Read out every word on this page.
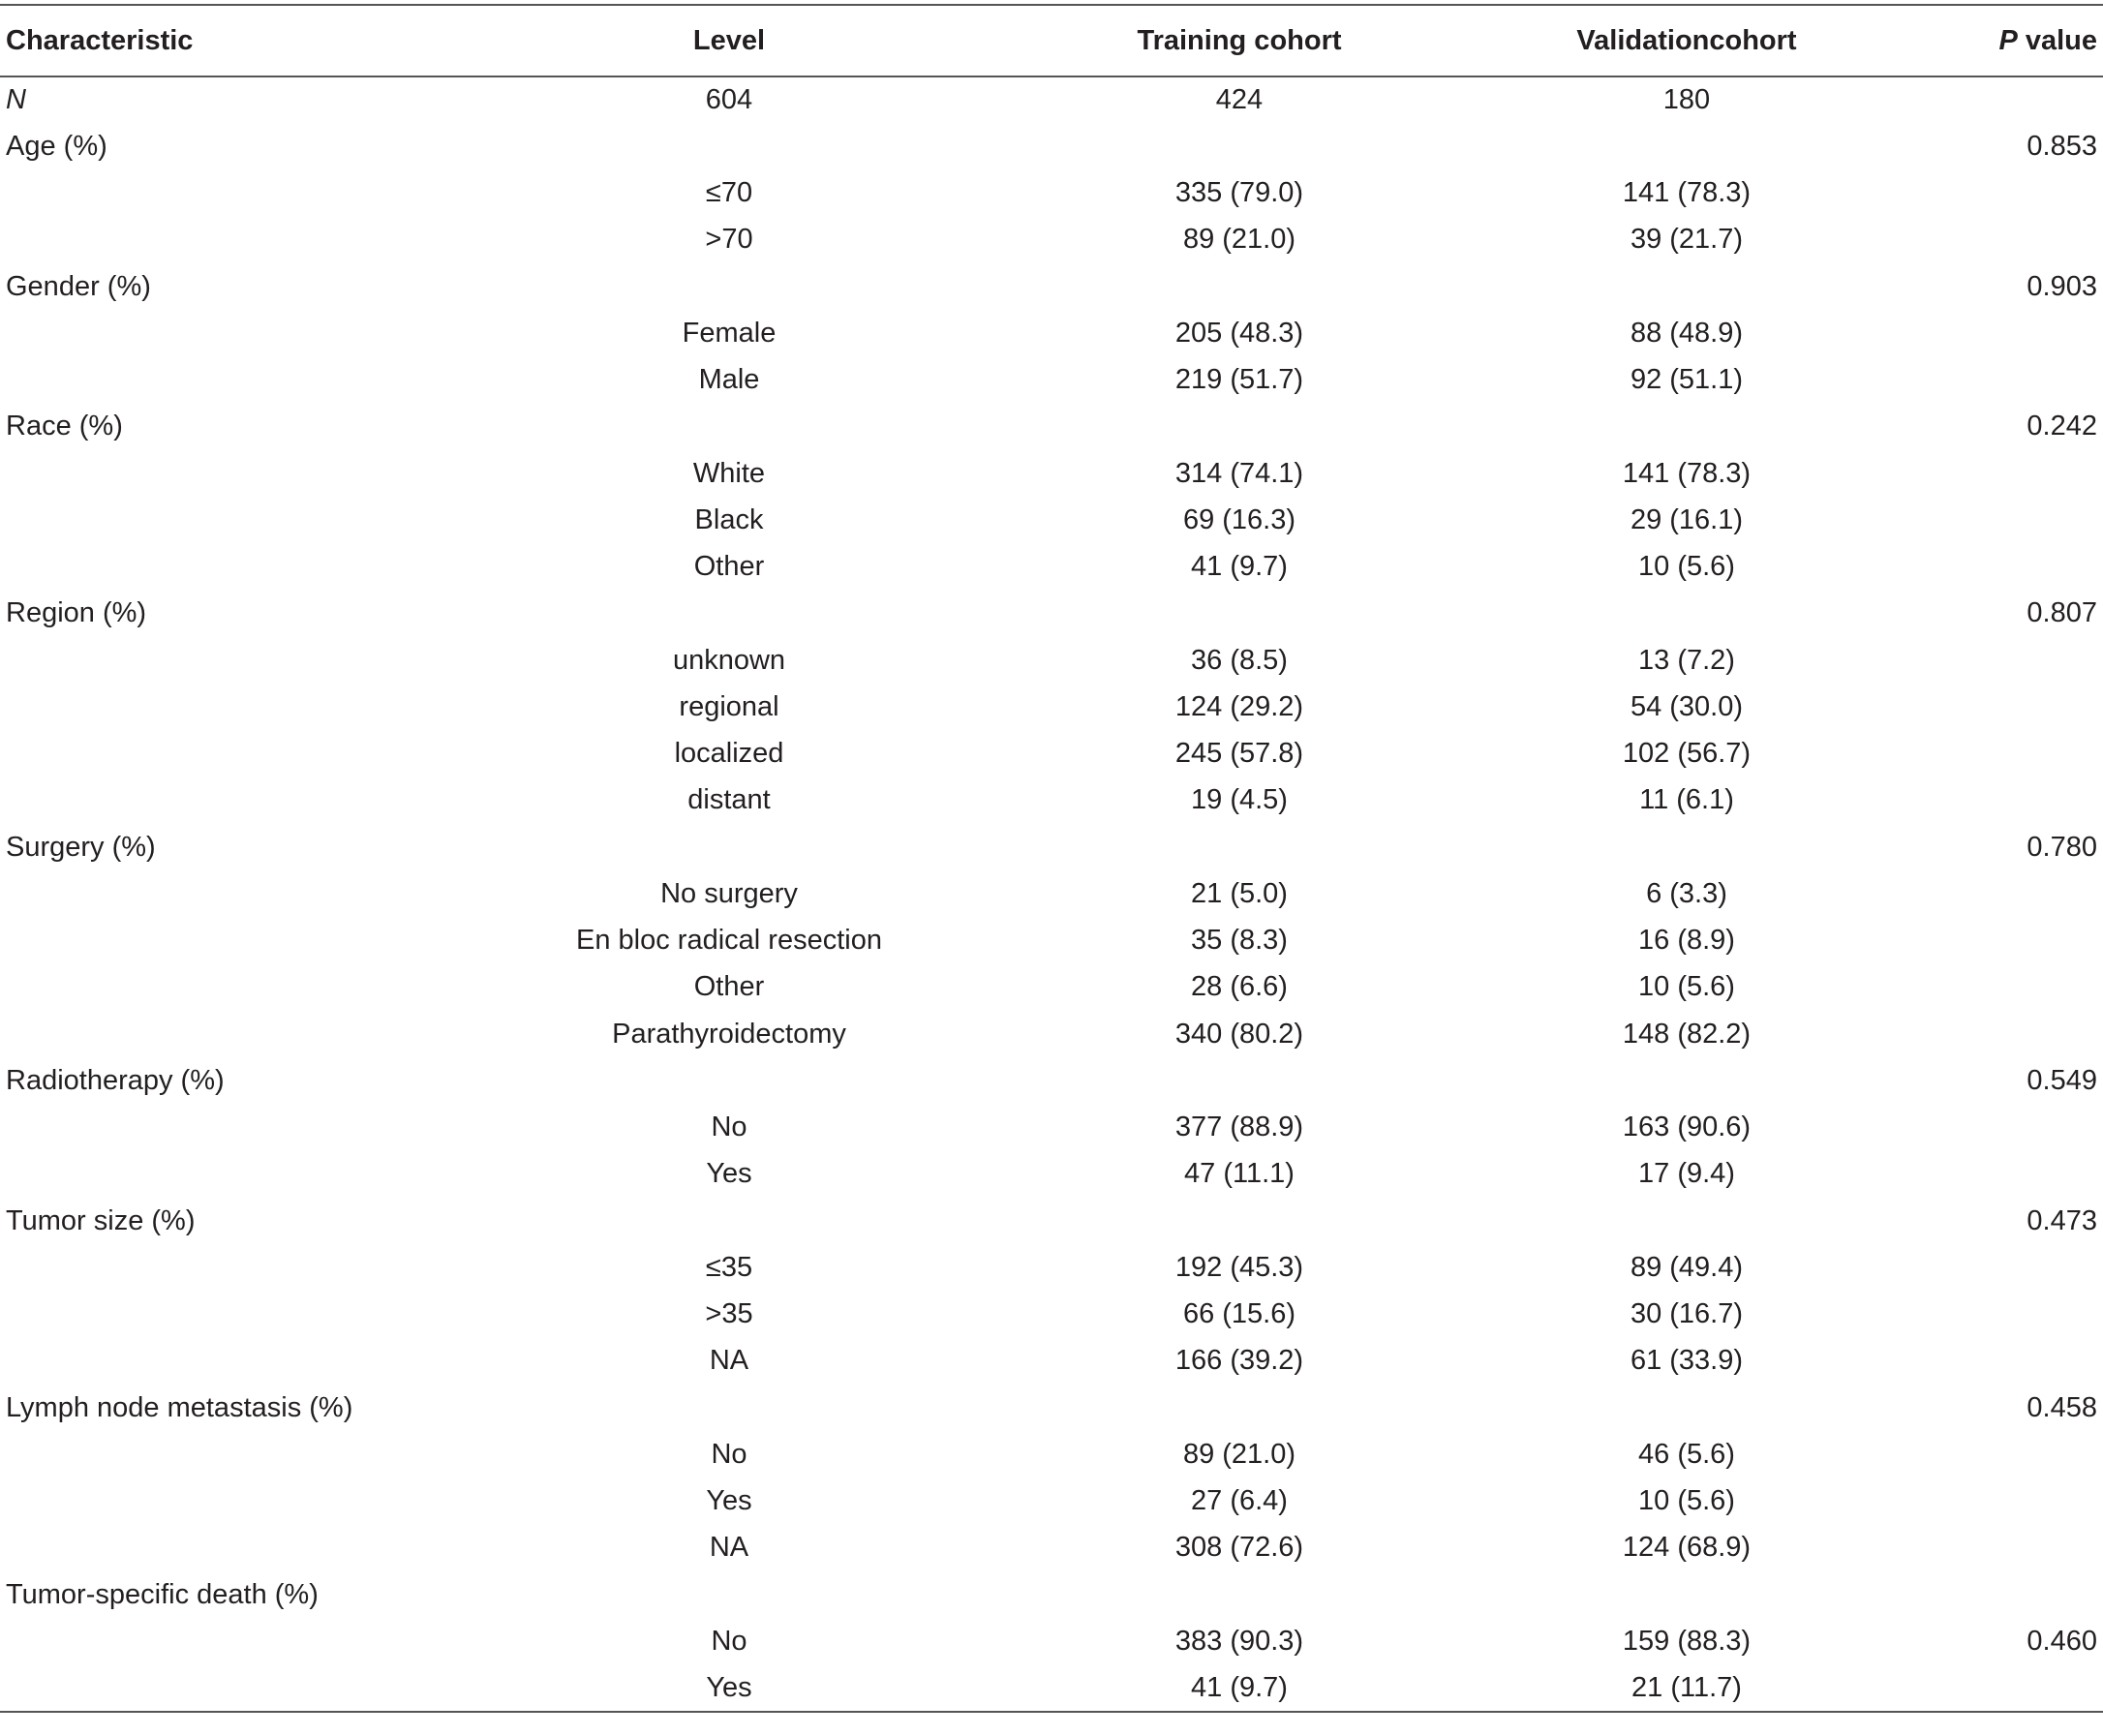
Characteristic	Level	Training cohort	Validationcohort	P value
N	604	424	180	
Age (%)				0.853
	≤70	335 (79.0)	141 (78.3)	
	>70	89 (21.0)	39 (21.7)	
Gender (%)				0.903
	Female	205 (48.3)	88 (48.9)	
	Male	219 (51.7)	92 (51.1)	
Race (%)				0.242
	White	314 (74.1)	141 (78.3)	
	Black	69 (16.3)	29 (16.1)	
	Other	41 (9.7)	10 (5.6)	
Region (%)				0.807
	unknown	36 (8.5)	13 (7.2)	
	regional	124 (29.2)	54 (30.0)	
	localized	245 (57.8)	102 (56.7)	
	distant	19 (4.5)	11 (6.1)	
Surgery (%)				0.780
	No surgery	21 (5.0)	6 (3.3)	
	En bloc radical resection	35 (8.3)	16 (8.9)	
	Other	28 (6.6)	10 (5.6)	
	Parathyroidectomy	340 (80.2)	148 (82.2)	
Radiotherapy (%)				0.549
	No	377 (88.9)	163 (90.6)	
	Yes	47 (11.1)	17 (9.4)	
Tumor size (%)				0.473
	≤35	192 (45.3)	89 (49.4)	
	>35	66 (15.6)	30 (16.7)	
	NA	166 (39.2)	61 (33.9)	
Lymph node metastasis (%)				0.458
	No	89 (21.0)	46 (5.6)	
	Yes	27 (6.4)	10 (5.6)	
	NA	308 (72.6)	124 (68.9)	
Tumor-specific death (%)				
	No	383 (90.3)	159 (88.3)	0.460
	Yes	41 (9.7)	21 (11.7)	
